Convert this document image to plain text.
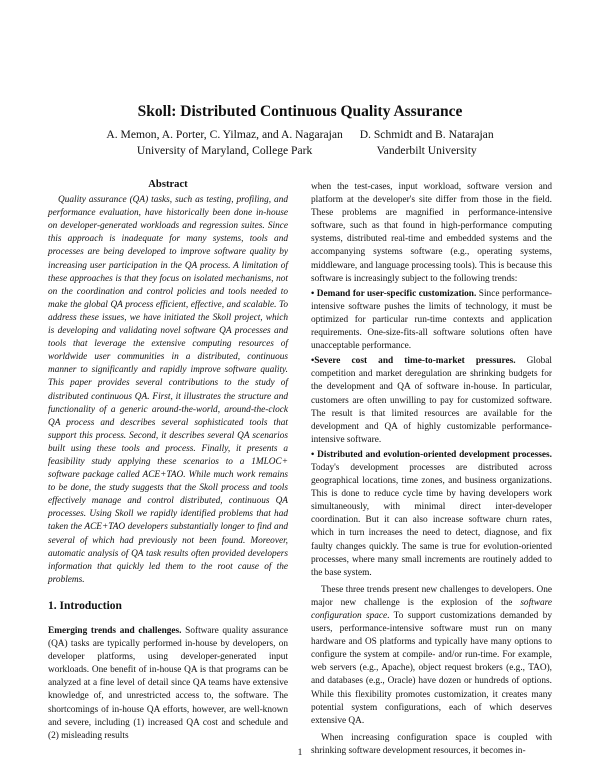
Skoll: Distributed Continuous Quality Assurance
A. Memon, A. Porter, C. Yilmaz, and A. Nagarajan
University of Maryland, College Park

D. Schmidt and B. Natarajan
Vanderbilt University
Abstract

Quality assurance (QA) tasks, such as testing, profiling, and performance evaluation, have historically been done in-house on developer-generated workloads and regression suites. Since this approach is inadequate for many systems, tools and processes are being developed to improve software quality by increasing user participation in the QA process. A limitation of these approaches is that they focus on isolated mechanisms, not on the coordination and control policies and tools needed to make the global QA process efficient, effective, and scalable. To address these issues, we have initiated the Skoll project, which is developing and validating novel software QA processes and tools that leverage the extensive computing resources of worldwide user communities in a distributed, continuous manner to significantly and rapidly improve software quality. This paper provides several contributions to the study of distributed continuous QA. First, it illustrates the structure and functionality of a generic around-the-world, around-the-clock QA process and describes several sophisticated tools that support this process. Second, it describes several QA scenarios built using these tools and process. Finally, it presents a feasibility study applying these scenarios to a 1MLOC+ software package called ACE+TAO. While much work remains to be done, the study suggests that the Skoll process and tools effectively manage and control distributed, continuous QA processes. Using Skoll we rapidly identified problems that had taken the ACE+TAO developers substantially longer to find and several of which had previously not been found. Moreover, automatic analysis of QA task results often provided developers information that quickly led them to the root cause of the problems.

1. Introduction

Emerging trends and challenges. Software quality assurance (QA) tasks are typically performed in-house by developers, on developer platforms, using developer-generated input workloads. One benefit of in-house QA is that programs can be analyzed at a fine level of detail since QA teams have extensive knowledge of, and unrestricted access to, the software. The shortcomings of in-house QA efforts, however, are well-known and severe, including (1) increased QA cost and schedule and (2) misleading results

when the test-cases, input workload, software version and platform at the developer's site differ from those in the field. These problems are magnified in performance-intensive software, such as that found in high-performance computing systems, distributed real-time and embedded systems and the accompanying systems software (e.g., operating systems, middleware, and language processing tools). This is because this software is increasingly subject to the following trends:

• Demand for user-specific customization. Since performance-intensive software pushes the limits of technology, it must be optimized for particular run-time contexts and application requirements. One-size-fits-all software solutions often have unacceptable performance.

•Severe cost and time-to-market pressures. Global competition and market deregulation are shrinking budgets for the development and QA of software in-house. In particular, customers are often unwilling to pay for customized software. The result is that limited resources are available for the development and QA of highly customizable performance-intensive software.

• Distributed and evolution-oriented development processes. Today's development processes are distributed across geographical locations, time zones, and business organizations. This is done to reduce cycle time by having developers work simultaneously, with minimal direct inter-developer coordination. But it can also increase software churn rates, which in turn increases the need to detect, diagnose, and fix faulty changes quickly. The same is true for evolution-oriented processes, where many small increments are routinely added to the base system.

These three trends present new challenges to developers. One major new challenge is the explosion of the software configuration space. To support customizations demanded by users, performance-intensive software must run on many hardware and OS platforms and typically have many options to configure the system at compile- and/or run-time. For example, web servers (e.g., Apache), object request brokers (e.g., TAO), and databases (e.g., Oracle) have dozen or hundreds of options. While this flexibility promotes customization, it creates many potential system configurations, each of which deserves extensive QA.

When increasing configuration space is coupled with shrinking software development resources, it becomes in-

1
